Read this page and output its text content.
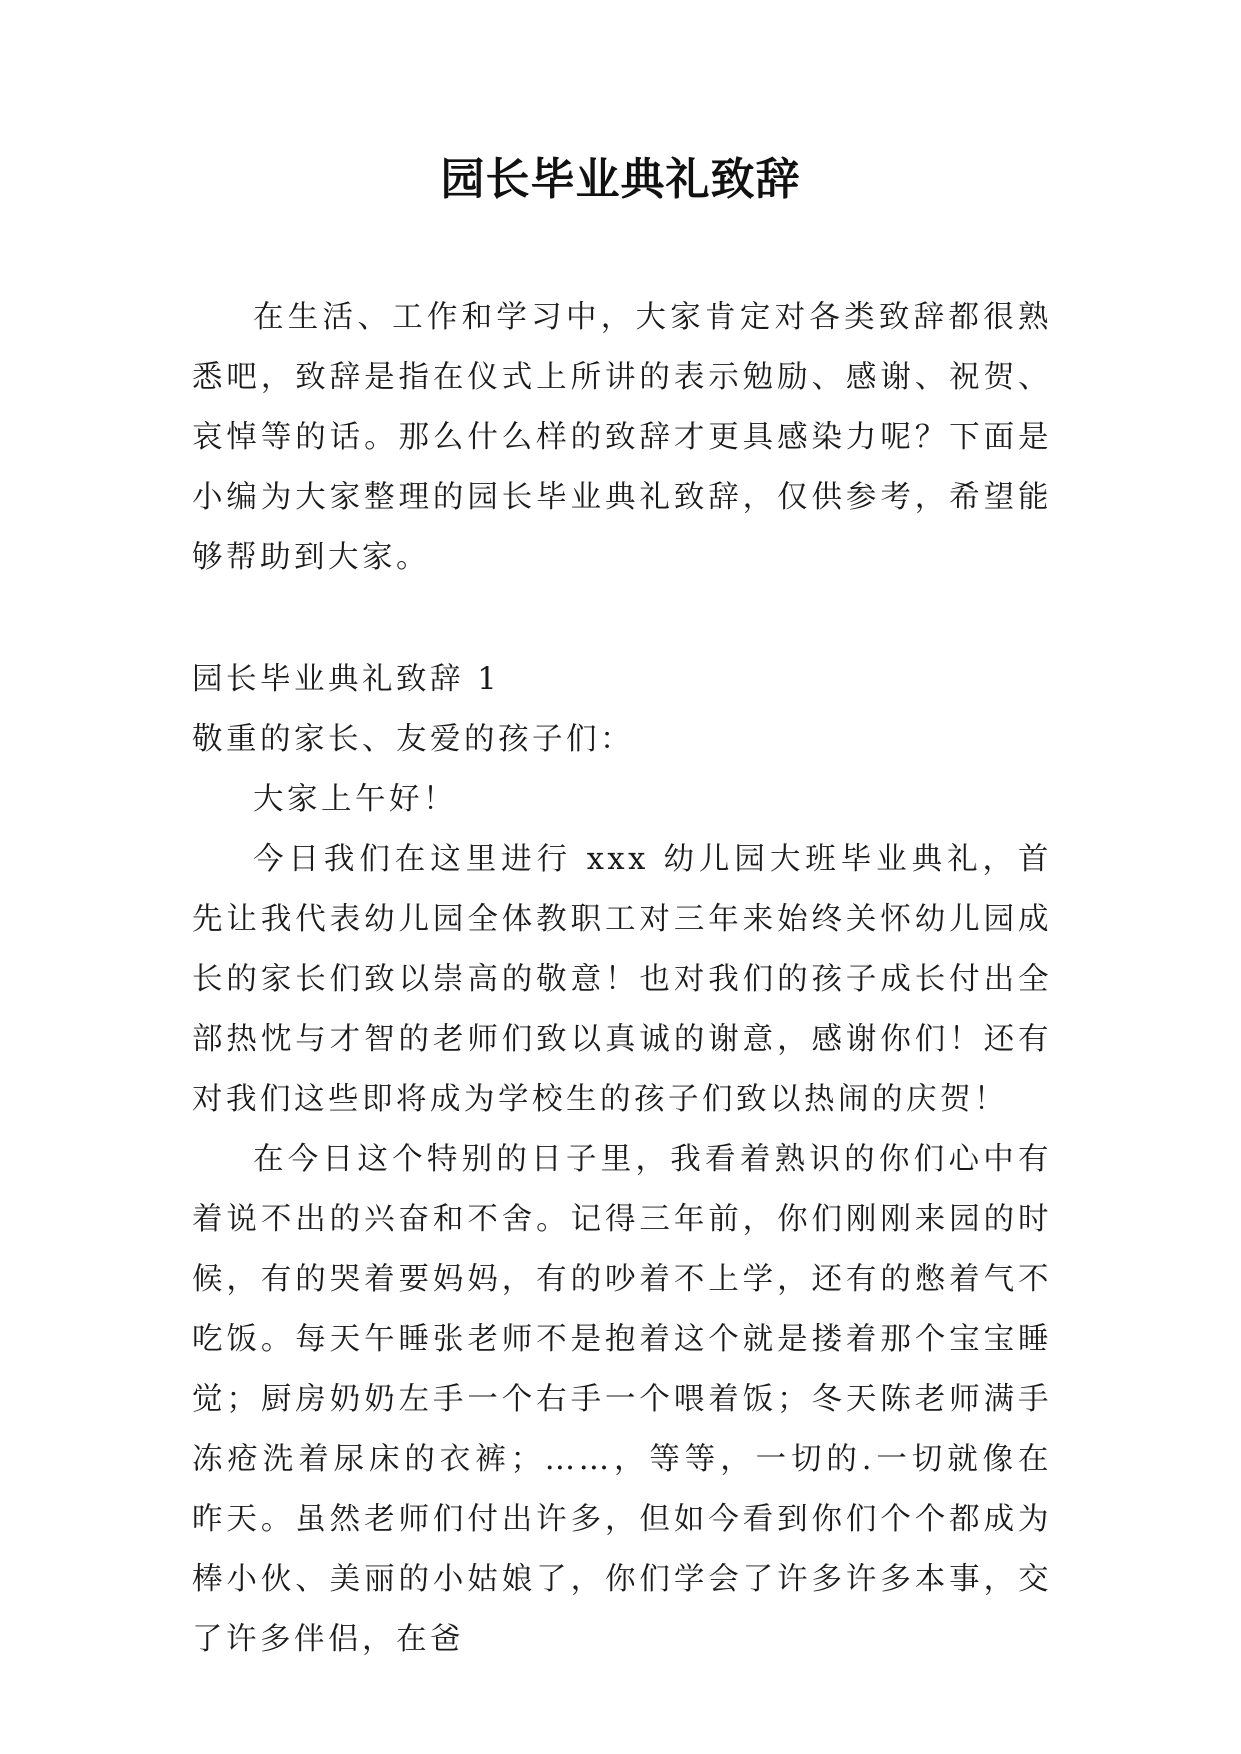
园长毕业典礼致辞

在生活、工作和学习中，大家肯定对各类致辞都很熟悉吧，致辞是指在仪式上所讲的表示勉励、感谢、祝贺、哀悼等的话。那么什么样的致辞才更具感染力呢？下面是小编为大家整理的园长毕业典礼致辞，仅供参考，希望能够帮助到大家。

园长毕业典礼致辞 1

敬重的家长、友爱的孩子们：

大家上午好！

今日我们在这里进行 xxx 幼儿园大班毕业典礼，首先让我代表幼儿园全体教职工对三年来始终关怀幼儿园成长的家长们致以崇高的敬意！也对我们的孩子成长付出全部热忱与才智的老师们致以真诚的谢意，感谢你们！还有对我们这些即将成为学校生的孩子们致以热闹的庆贺！

在今日这个特别的日子里，我看着熟识的你们心中有着说不出的兴奋和不舍。记得三年前，你们刚刚来园的时候，有的哭着要妈妈，有的吵着不上学，还有的憋着气不吃饭。每天午睡张老师不是抱着这个就是搂着那个宝宝睡觉；厨房奶奶左手一个右手一个喂着饭；冬天陈老师满手冻疮洗着尿床的衣裤；……，等等，一切的.一切就像在昨天。虽然老师们付出许多，但如今看到你们个个都成为棒小伙、美丽的小姑娘了，你们学会了许多许多本事，交了许多伴侣，在爸
